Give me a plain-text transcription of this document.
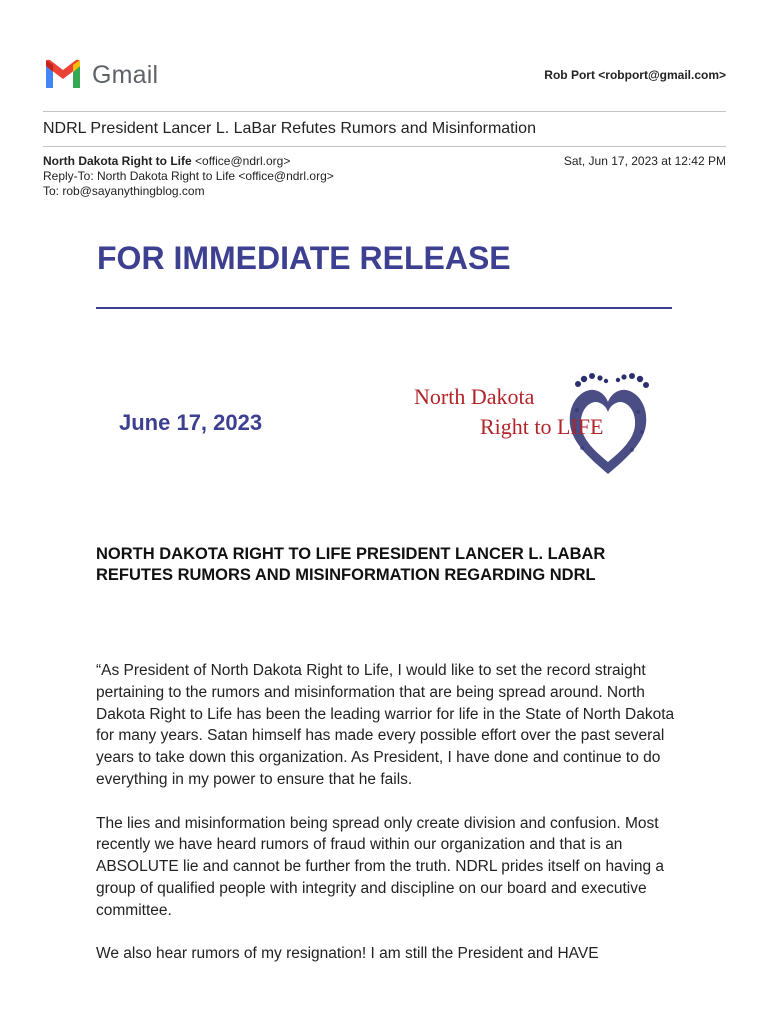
Gmail	Rob Port <robport@gmail.com>
NDRL President Lancer L. LaBar Refutes Rumors and Misinformation
North Dakota Right to Life <office@ndrl.org>	Sat, Jun 17, 2023 at 12:42 PM
Reply-To: North Dakota Right to Life <office@ndrl.org>
To: rob@sayanythingblog.com
FOR IMMEDIATE RELEASE
June 17, 2023
North Dakota
Right to LIFE
NORTH DAKOTA RIGHT TO LIFE PRESIDENT LANCER L. LABAR REFUTES RUMORS AND MISINFORMATION REGARDING NDRL

“As President of North Dakota Right to Life, I would like to set the record straight pertaining to the rumors and misinformation that are being spread around. North Dakota Right to Life has been the leading warrior for life in the State of North Dakota for many years. Satan himself has made every possible effort over the past several years to take down this organization. As President, I have done and continue to do everything in my power to ensure that he fails.

The lies and misinformation being spread only create division and confusion. Most recently we have heard rumors of fraud within our organization and that is an ABSOLUTE lie and cannot be further from the truth. NDRL prides itself on having a group of qualified people with integrity and discipline on our board and executive committee.

We also hear rumors of my resignation! I am still the President and HAVE
